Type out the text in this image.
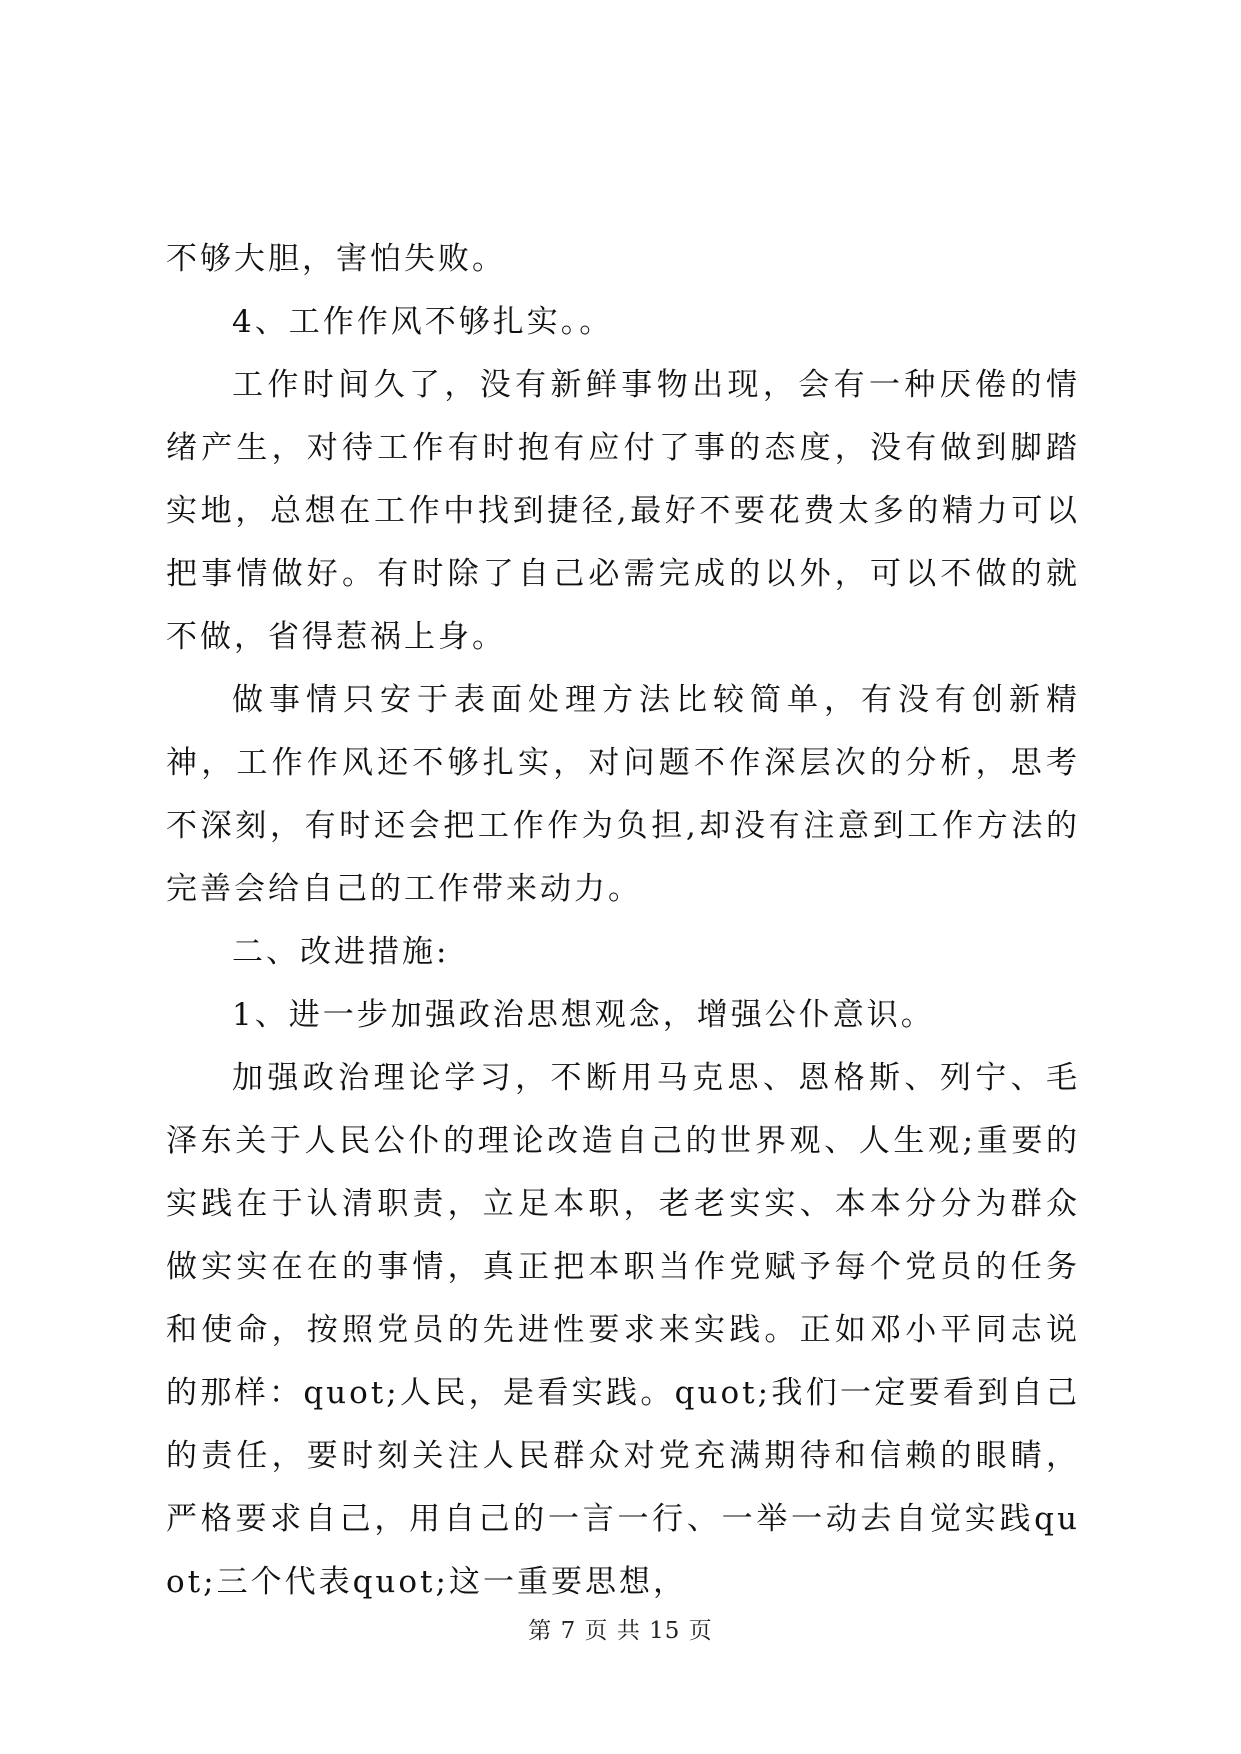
不够大胆，害怕失败。

4、工作作风不够扎实。。

工作时间久了，没有新鲜事物出现，会有一种厌倦的情绪产生，对待工作有时抱有应付了事的态度，没有做到脚踏实地，总想在工作中找到捷径,最好不要花费太多的精力可以把事情做好。有时除了自己必需完成的以外，可以不做的就不做，省得惹祸上身。

做事情只安于表面处理方法比较简单，有没有创新精神，工作作风还不够扎实，对问题不作深层次的分析，思考不深刻，有时还会把工作作为负担,却没有注意到工作方法的完善会给自己的工作带来动力。

二、改进措施:

1、进一步加强政治思想观念，增强公仆意识。

加强政治理论学习，不断用马克思、恩格斯、列宁、毛泽东关于人民公仆的理论改造自己的世界观、人生观;重要的实践在于认清职责，立足本职，老老实实、本本分分为群众做实实在在的事情，真正把本职当作党赋予每个党员的任务和使命，按照党员的先进性要求来实践。正如邓小平同志说的那样：quot;人民，是看实践。quot;我们一定要看到自己的责任，要时刻关注人民群众对党充满期待和信赖的眼睛，严格要求自己，用自己的一言一行、一举一动去自觉实践quot;三个代表quot;这一重要思想，

第 7 页 共 15 页
